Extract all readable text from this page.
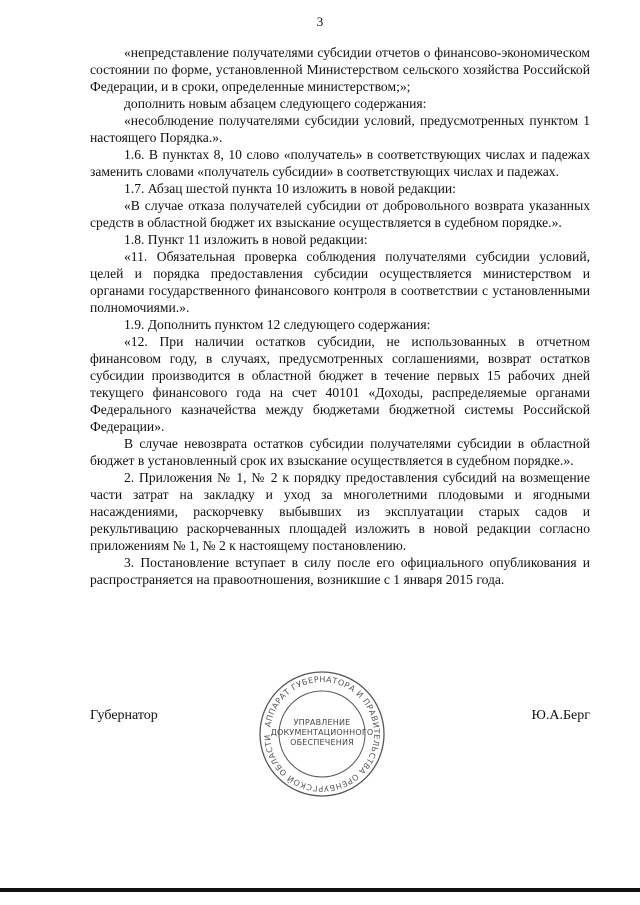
3

«непредставление получателями субсидии отчетов о финансово-экономическом состоянии по форме, установленной Министерством сельского хозяйства Российской Федерации, и в сроки, определенные министерством;»;

дополнить новым абзацем следующего содержания:

«несоблюдение получателями субсидии условий, предусмотренных пунктом 1 настоящего Порядка.».

1.6. В пунктах 8, 10 слово «получатель» в соответствующих числах и падежах заменить словами «получатель субсидии» в соответствующих числах и падежах.

1.7. Абзац шестой пункта 10 изложить в новой редакции:

«В случае отказа получателей субсидии от добровольного возврата указанных средств в областной бюджет их взыскание осуществляется в судебном порядке.».

1.8. Пункт 11 изложить в новой редакции:

«11. Обязательная проверка соблюдения получателями субсидии условий, целей и порядка предоставления субсидии осуществляется министерством и органами государственного финансового контроля в соответствии с установленными полномочиями.».

1.9. Дополнить пунктом 12 следующего содержания:

«12. При наличии остатков субсидии, не использованных в отчетном финансовом году, в случаях, предусмотренных соглашениями, возврат остатков субсидии производится в областной бюджет в течение первых 15 рабочих дней текущего финансового года на счет 40101 «Доходы, распределяемые органами Федерального казначейства между бюджетами бюджетной системы Российской Федерации».

В случае невозврата остатков субсидии получателями субсидии в областной бюджет в установленный срок их взыскание осуществляется в судебном порядке.».

2. Приложения № 1, № 2 к порядку предоставления субсидий на возмещение части затрат на закладку и уход за многолетними плодовыми и ягодными насаждениями, раскорчевку выбывших из эксплуатации старых садов и рекультивацию раскорчеванных площадей изложить в новой редакции согласно приложениям № 1, № 2 к настоящему постановлению.

3. Постановление вступает в силу после его официального опубликования и распространяется на правоотношения, возникшие с 1 января 2015 года.

Губернатор	Ю.А.Берг
АППАРАТ ГУБЕРНАТОРА И ПРАВИТЕЛЬСТВА ОРЕНБУРГСКОЙ ОБЛАСТИ
УПРАВЛЕНИЕ
ДОКУМЕНТАЦИОННОГО
ОБЕСПЕЧЕНИЯ
